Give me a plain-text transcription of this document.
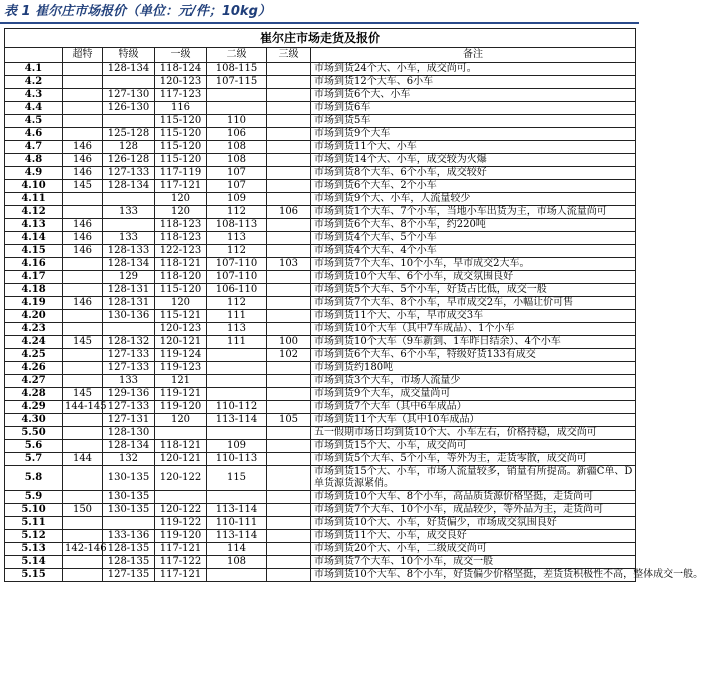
表 1 崔尔庄市场报价（单位：元/件；10kg）
崔尔庄市场走货及报价						
	超特	特级	一级	二级	三级	备注
4.1		128-134	118-124	108-115		市场到货24个大、小车，成交尚可。
4.2			120-123	107-115		市场到货12个大车、6小车
4.3		127-130	117-123			市场到货6个大、小车
4.4		126-130	116			市场到货6车
4.5			115-120	110		市场到货5车
4.6		125-128	115-120	106		市场到货9个大车
4.7	146	128	115-120	108		市场到货11个大、小车
4.8	146	126-128	115-120	108		市场到货14个大、小车，成交较为火爆
4.9	146	127-133	117-119	107		市场到货8个大车、6个小车，成交较好
4.10	145	128-134	117-121	107		市场到货6个大车、2个小车
4.11			120	109		市场到货9个大、小车，人流量较少
4.12		133	120	112	106	市场到货1个大车、7个小车，当地小车出货为主，市场人流量尚可
4.13	146		118-123	108-113		市场到货6个大车、8个小车，约220吨
4.14	146	133	118-123	113		市场到货4个大车、5个小车
4.15	146	128-133	122-123	112		市场到货4个大车、4个小车
4.16		128-134	118-121	107-110	103	市场到货7个大车、10个小车，早市成交2大车。
4.17		129	118-120	107-110		市场到货10个大车、6个小车，成交氛围良好
4.18		128-131	115-120	106-110		市场到货5个大车、5个小车，好货占比低，成交一般
4.19	146	128-131	120	112		市场到货7个大车、8个小车，早市成交2车，小幅让价可售
4.20		130-136	115-121	111		市场到货11个大、小车，早市成交3车
4.23			120-123	113		市场到货10个大车（其中7车成品）、1个小车
4.24	145	128-132	120-121	111	100	市场到货10个大车（9车新到、1车昨日结余）、4个小车
4.25		127-133	119-124		102	市场到货6个大车、6个小车，特级好货133有成交
4.26		127-133	119-123			市场到货约180吨
4.27		133	121			市场到货3个大车，市场人流量少
4.28	145	129-136	119-121			市场到货9个大车，成交量尚可
4.29	144-145	127-133	119-120	110-112		市场到货7个大车（其中6车成品）
4.30		127-131	120	113-114	105	市场到货11个大车（其中10车成品）
5.50		128-130				五一假期市场日均到货10个大、小车左右，价格持稳，成交尚可
5.6		128-134	118-121	109		市场到货15个大、小车，成交尚可
5.7	144	132	120-121	110-113		市场到货5个大车、5个小车，等外为主，走货零散，成交尚可
5.8		130-135	120-122	115		市场到货15个大、小车，市场人流量较多，销量有所提高。新疆C单、D单货源货源紧俏。
5.9		130-135				市场到货10个大车、8个小车，高品质货源价格坚挺，走货尚可
5.10	150	130-135	120-122	113-114		市场到货7个大车、10个小车，成品较少，等外品为主，走货尚可
5.11			119-122	110-111		市场到货10个大、小车，好货偏少，市场成交氛围良好
5.12		133-136	119-120	113-114		市场到货11个大、小车，成交良好
5.13	142-146	128-135	117-121	114		市场到货20个大、小车，二级成交尚可
5.14		128-135	117-122	108		市场到货7个大车、10个小车，成交一般
5.15		127-135	117-121			市场到货10个大车、8个小车，好货偏少价格坚挺，差货货积极性不高，整体成交一般。
